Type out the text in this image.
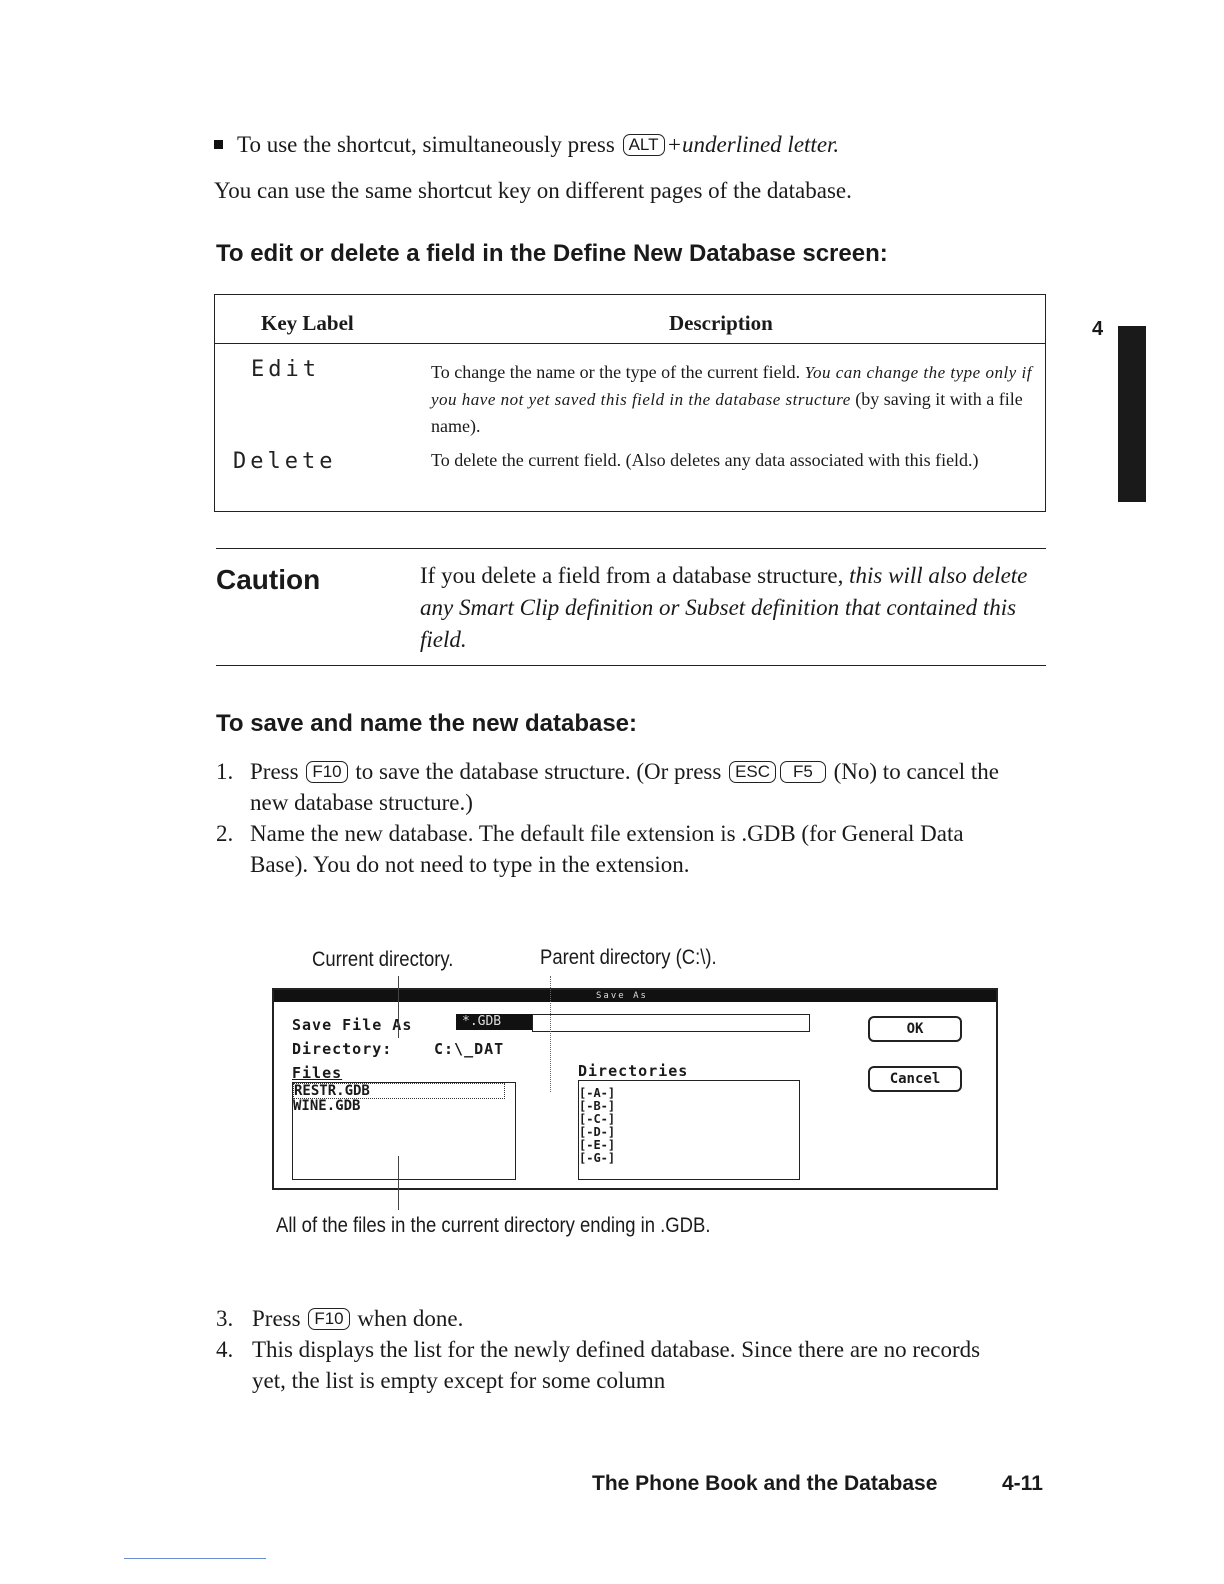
To use the shortcut, simultaneously press ALT +underlined letter.
You can use the same shortcut key on different pages of the database.
To edit or delete a field in the Define New Database screen:
Key Label	Description
Edit	To change the name or the type of the current field. You can change the type only if you have not yet saved this field in the database structure (by saving it with a file name).
Delete	To delete the current field. (Also deletes any data associated with this field.)
4
Caution	If you delete a field from a database structure, this will also delete any Smart Clip definition or Subset definition that contained this field.
To save and name the new database:
1. Press F10 to save the database structure. (Or press ESC F5 (No) to cancel the new database structure.)
2. Name the new database. The default file extension is .GDB (for General Data Base). You do not need to type in the extension.
Current directory.	Parent directory (C:\).
All of the files in the current directory ending in .GDB.
Save As
Save File As	*.GDB
Directory:	C:\_DAT
Files	Directories
RESTR.GDB
WINE.GDB
[-A-]
[-B-]
[-C-]
[-D-]
[-E-]
[-G-]
OK
Cancel
3. Press F10 when done.
4. This displays the list for the newly defined database. Since there are no records yet, the list is empty except for some column
The Phone Book and the Database	4-11
